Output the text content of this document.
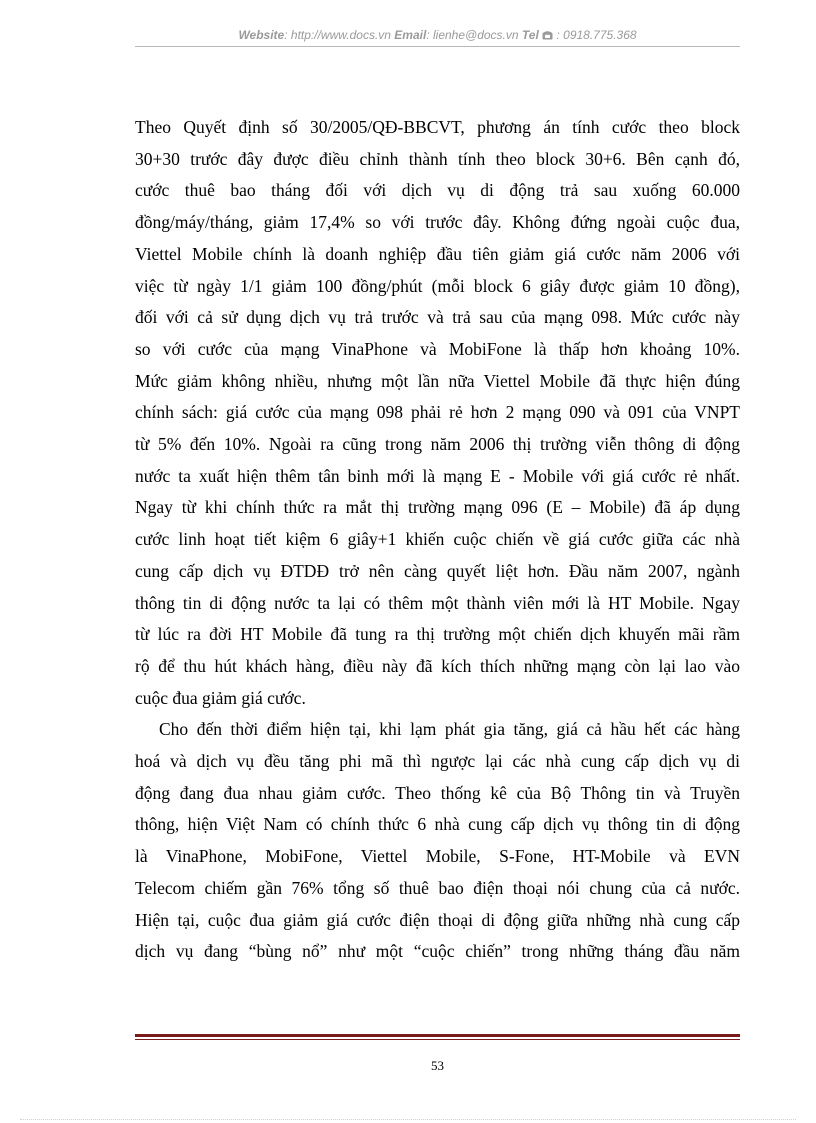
Website: http://www.docs.vn Email: lienhe@docs.vn Tel : 0918.775.368

Theo Quyết định số 30/2005/QĐ-BBCVT, phương án tính cước theo block
30+30 trước đây được điều chỉnh thành tính theo block 30+6. Bên cạnh đó,
cước thuê bao tháng đối với dịch vụ di động trả sau xuống 60.000
đồng/máy/tháng, giảm 17,4% so với trước đây. Không đứng ngoài cuộc đua,
Viettel Mobile chính là doanh nghiệp đầu tiên giảm giá cước năm 2006 với
việc từ ngày 1/1 giảm 100 đồng/phút (mỗi block 6 giây được giảm 10 đồng),
đối với cả sử dụng dịch vụ trả trước và trả sau của mạng 098. Mức cước này
so với cước của mạng VinaPhone và MobiFone là thấp hơn khoảng 10%.
Mức giảm không nhiều, nhưng một lần nữa Viettel Mobile đã thực hiện đúng
chính sách: giá cước của mạng 098 phải rẻ hơn 2 mạng 090 và 091 của VNPT
từ 5% đến 10%. Ngoài ra cũng trong năm 2006 thị trường viễn thông di động
nước ta xuất hiện thêm tân binh mới là mạng E - Mobile với giá cước rẻ nhất.
Ngay từ khi chính thức ra mắt thị trường mạng 096 (E – Mobile) đã áp dụng
cước linh hoạt tiết kiệm 6 giây+1 khiến cuộc chiến về giá cước giữa các nhà
cung cấp dịch vụ ĐTDĐ trở nên càng quyết liệt hơn. Đầu năm 2007, ngành
thông tin di động nước ta lại có thêm một thành viên mới là HT Mobile. Ngay
từ lúc ra đời HT Mobile đã tung ra thị trường một chiến dịch khuyến mãi rầm
rộ để thu hút khách hàng, điều này đã kích thích những mạng còn lại lao vào
cuộc đua giảm giá cước.

Cho đến thời điểm hiện tại, khi lạm phát gia tăng, giá cả hầu hết các hàng
hoá và dịch vụ đều tăng phi mã thì ngược lại các nhà cung cấp dịch vụ di
động đang đua nhau giảm cước. Theo thống kê của Bộ Thông tin và Truyền
thông, hiện Việt Nam có chính thức 6 nhà cung cấp dịch vụ thông tin di động
là VinaPhone, MobiFone, Viettel Mobile, S-Fone, HT-Mobile và EVN
Telecom chiếm gần 76% tổng số thuê bao điện thoại nói chung của cả nước.
Hiện tại, cuộc đua giảm giá cước điện thoại di động giữa những nhà cung cấp
dịch vụ đang “bùng nổ” như một “cuộc chiến” trong những tháng đầu năm

53
